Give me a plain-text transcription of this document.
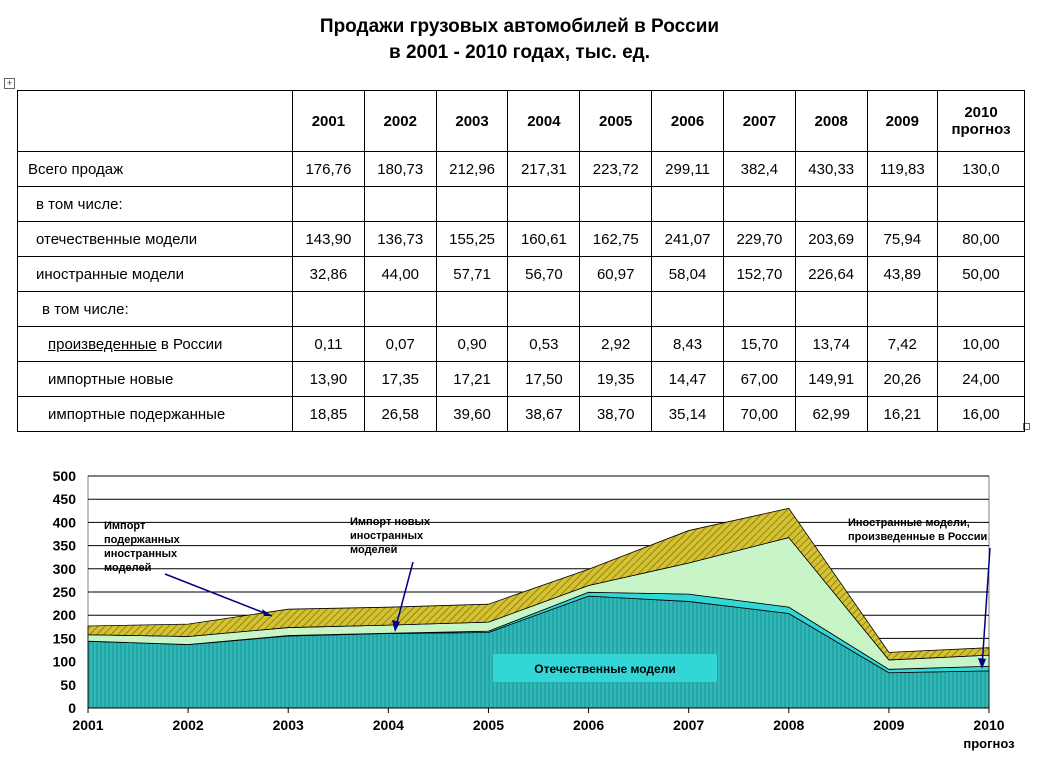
Продажи грузовых автомобилей в России
в 2001 - 2010 годах, тыс. ед.
+
	2001	2002	2003	2004	2005	2006	2007	2008	2009	2010 прогноз
Всего продаж	176,76	180,73	212,96	217,31	223,72	299,11	382,4	430,33	119,83	130,0
в том числе:										
отечественные модели	143,90	136,73	155,25	160,61	162,75	241,07	229,70	203,69	75,94	80,00
иностранные модели	32,86	44,00	57,71	56,70	60,97	58,04	152,70	226,64	43,89	50,00
в том числе:										
произведенные в России	0,11	0,07	0,90	0,53	2,92	8,43	15,70	13,74	7,42	10,00
импортные новые	13,90	17,35	17,21	17,50	19,35	14,47	67,00	149,91	20,26	24,00
импортные подержанные	18,85	26,58	39,60	38,67	38,70	35,14	70,00	62,99	16,21	16,00
0
50
100
150
200
250
300
350
400
450
500
2001	2002	2003	2004	2005	2006	2007	2008	2009	2010
прогноз
Импорт подержанных иностранных моделей
Импорт новых иностранных моделей
Иностранные модели, произведенные в России
Отечественные модели
